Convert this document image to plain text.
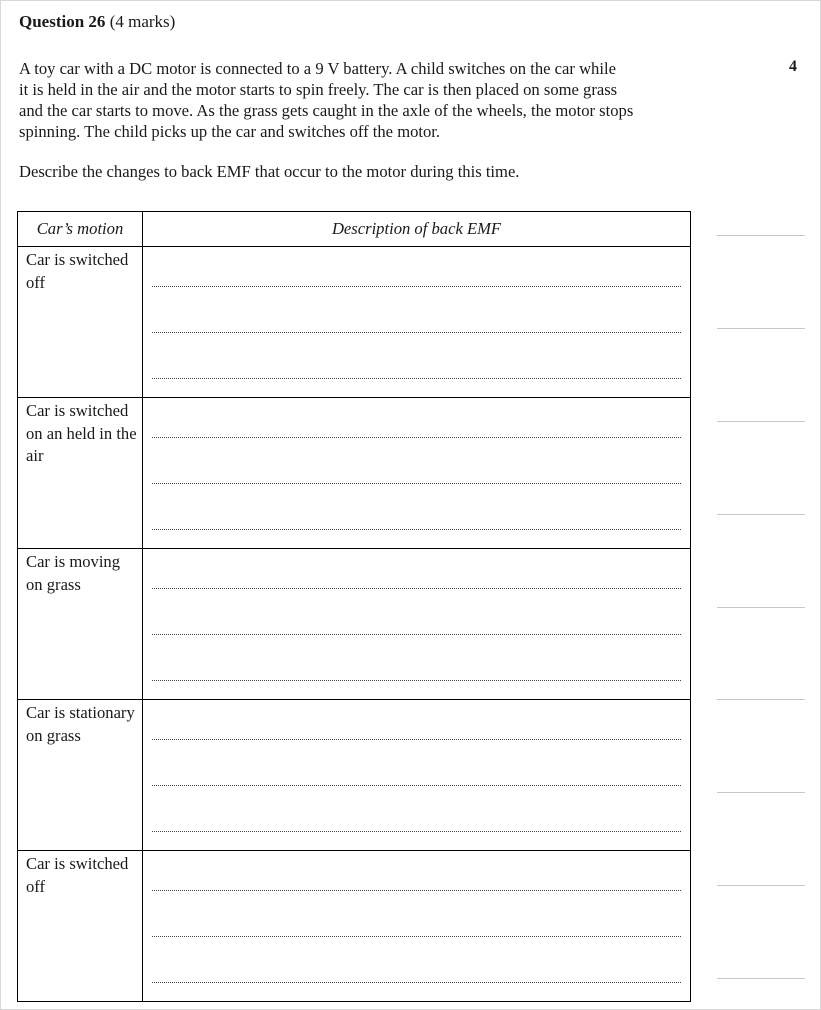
Question 26 (4 marks)
A toy car with a DC motor is connected to a 9 V battery. A child switches on the car while
it is held in the air and the motor starts to spin freely. The car is then placed on some grass
and the car starts to move. As the grass gets caught in the axle of the wheels, the motor stops
spinning. The child picks up the car and switches off the motor.
Describe the changes to back EMF that occur to the motor during this time.
4
Car’s motion	Description of back EMF
Car is switched off	

Car is switched on an held in the air	

Car is moving on grass	

Car is stationary on grass	

Car is switched off	
